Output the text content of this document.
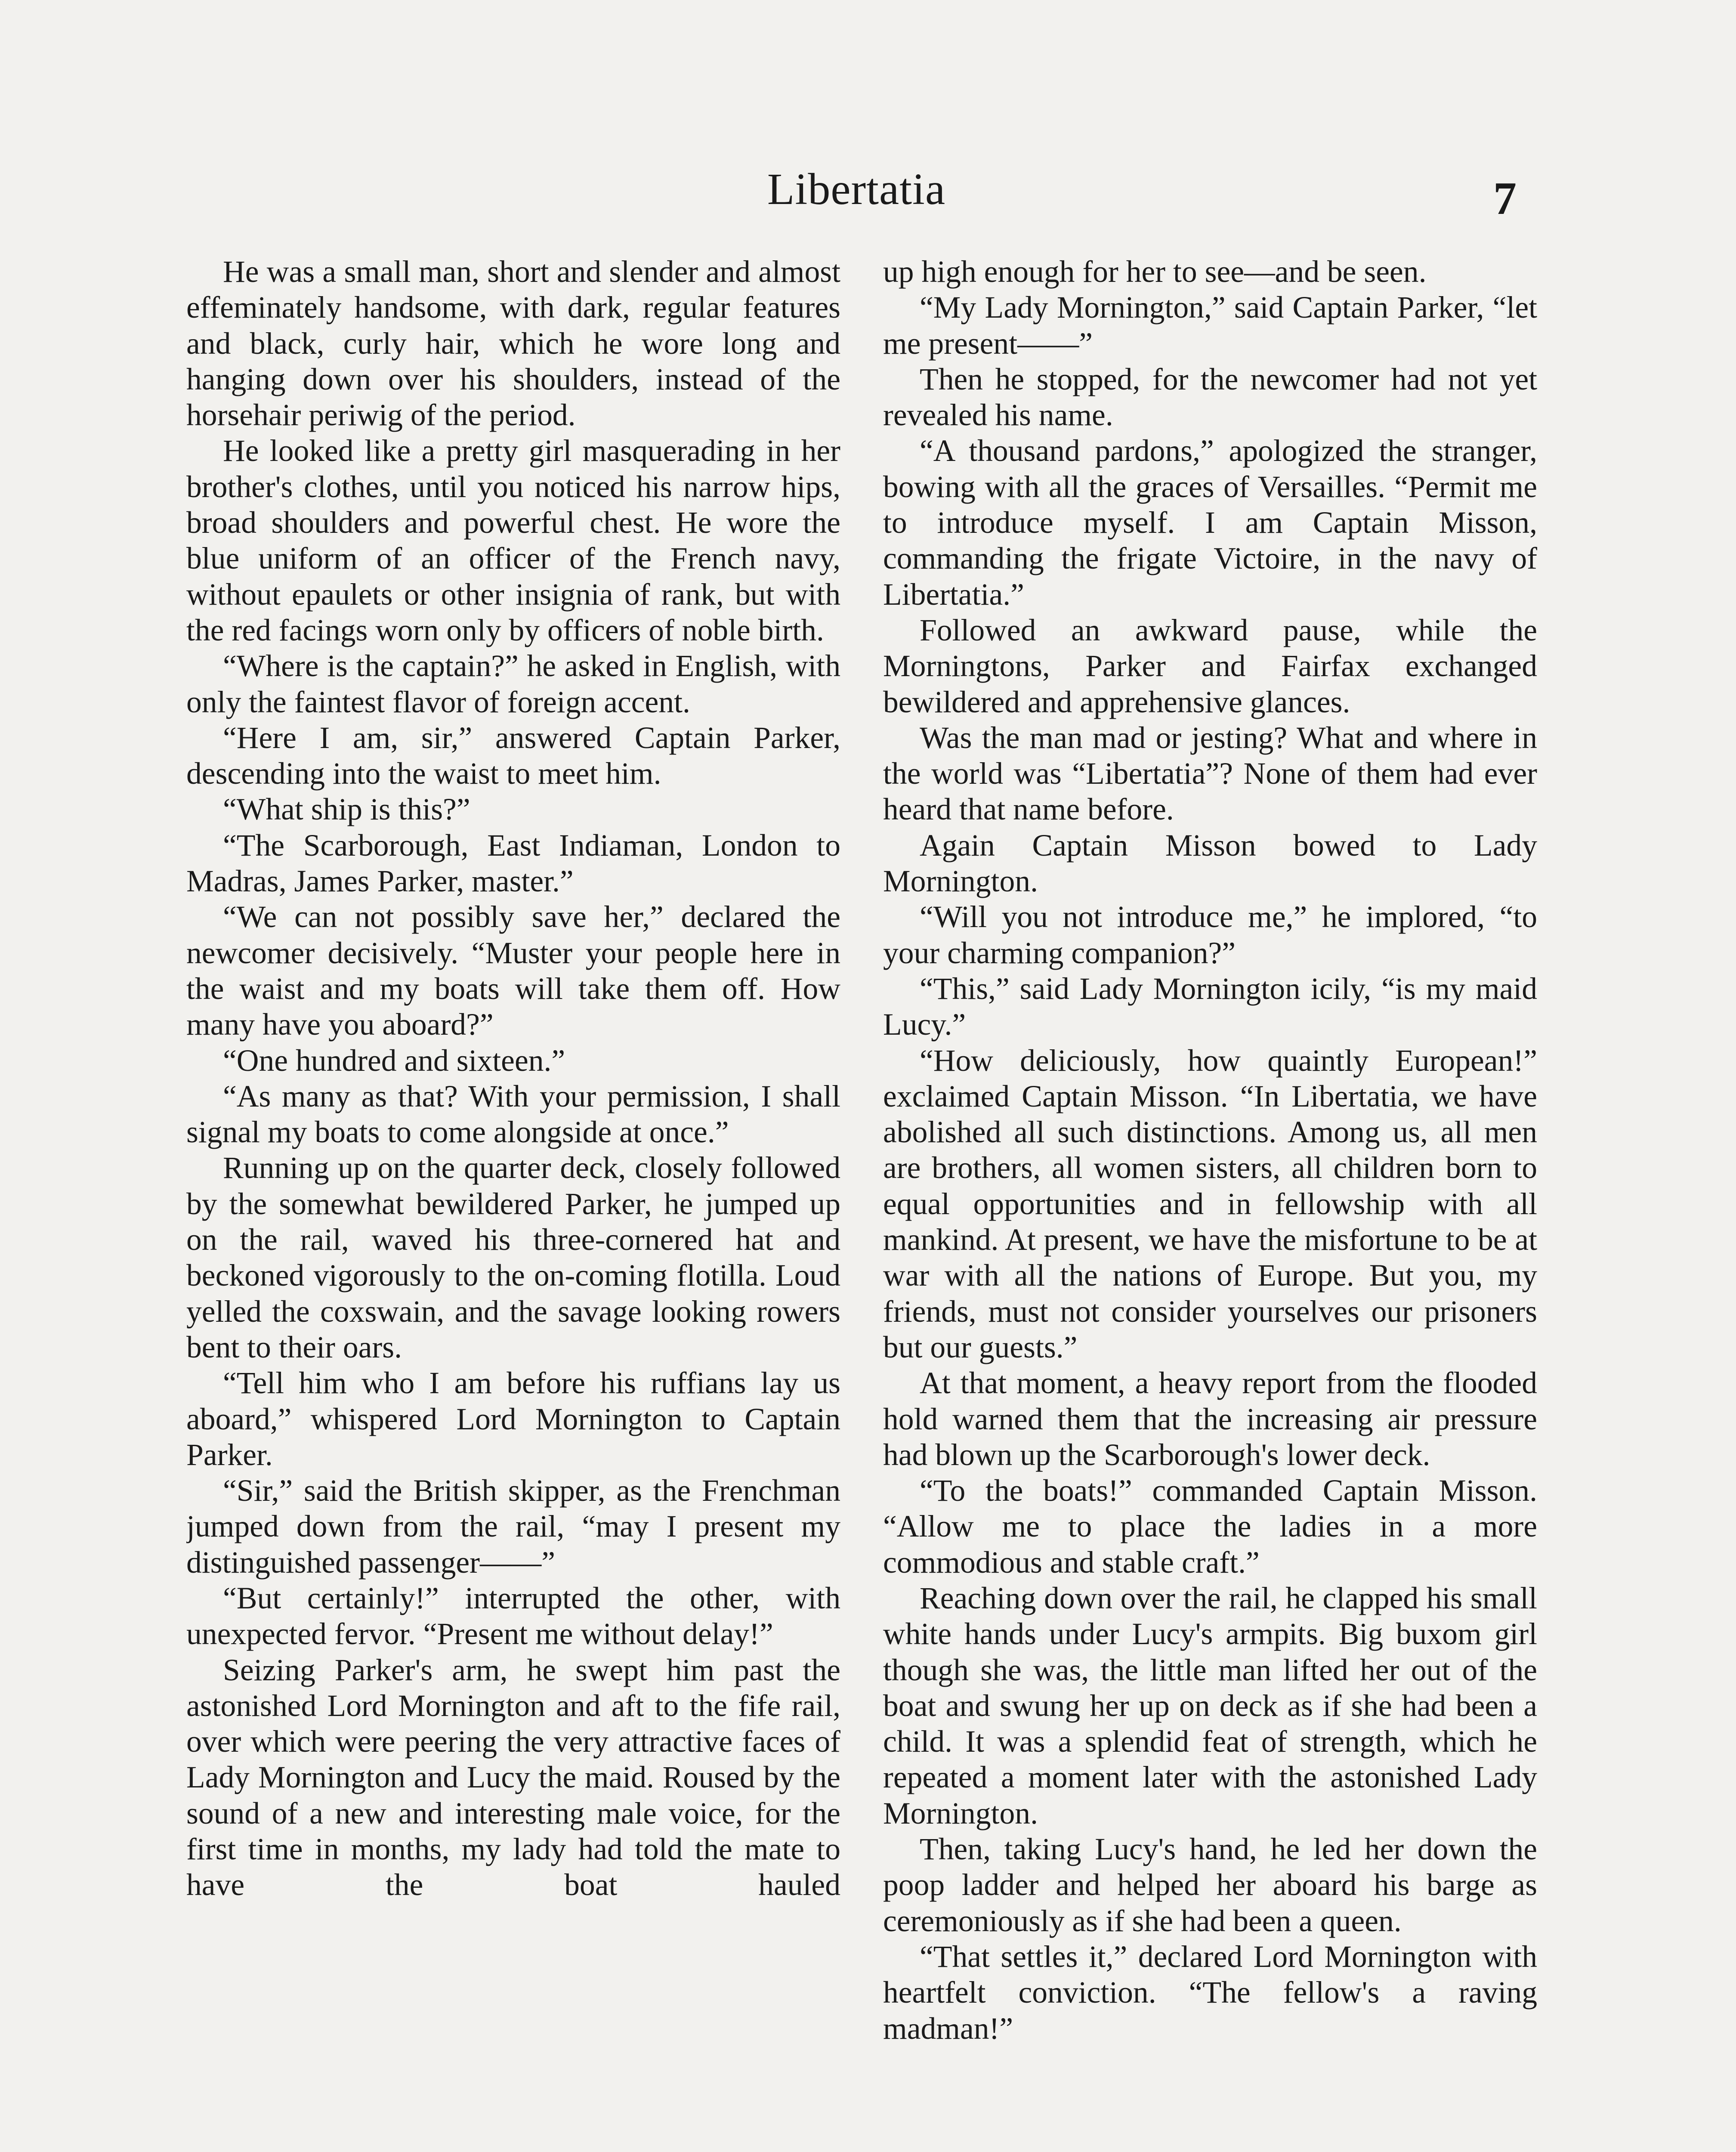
Libertatia	7

He was a small man, short and slender and almost effeminately handsome, with dark, regular features and black, curly hair, which he wore long and hanging down over his shoulders, instead of the horsehair periwig of the period.

He looked like a pretty girl masquerading in her brother's clothes, until you noticed his narrow hips, broad shoulders and powerful chest. He wore the blue uniform of an officer of the French navy, without epaulets or other insignia of rank, but with the red facings worn only by officers of noble birth.

“Where is the captain?” he asked in English, with only the faintest flavor of foreign accent.

“Here I am, sir,” answered Captain Parker, descending into the waist to meet him.

“What ship is this?”

“The Scarborough, East Indiaman, London to Madras, James Parker, master.”

“We can not possibly save her,” declared the newcomer decisively. “Muster your people here in the waist and my boats will take them off. How many have you aboard?”

“One hundred and sixteen.”

“As many as that? With your permission, I shall signal my boats to come alongside at once.”

Running up on the quarter deck, closely followed by the somewhat bewildered Parker, he jumped up on the rail, waved his three-cornered hat and beckoned vigorously to the on-coming flotilla. Loud yelled the coxswain, and the savage looking rowers bent to their oars.

“Tell him who I am before his ruffians lay us aboard,” whispered Lord Mornington to Captain Parker.

“Sir,” said the British skipper, as the Frenchman jumped down from the rail, “may I present my distinguished passenger——”

“But certainly!” interrupted the other, with unexpected fervor. “Present me without delay!”

Seizing Parker's arm, he swept him past the astonished Lord Mornington and aft to the fife rail, over which were peering the very attractive faces of Lady Mornington and Lucy the maid. Roused by the sound of a new and interesting male voice, for the first time in months, my lady had told the mate to have the boat hauled

up high enough for her to see—and be seen.

“My Lady Mornington,” said Captain Parker, “let me present——”

Then he stopped, for the newcomer had not yet revealed his name.

“A thousand pardons,” apologized the stranger, bowing with all the graces of Versailles. “Permit me to introduce myself. I am Captain Misson, commanding the frigate Victoire, in the navy of Libertatia.”

Followed an awkward pause, while the Morningtons, Parker and Fairfax exchanged bewildered and apprehensive glances.

Was the man mad or jesting? What and where in the world was “Libertatia”? None of them had ever heard that name before.

Again Captain Misson bowed to Lady Mornington.

“Will you not introduce me,” he implored, “to your charming companion?”

“This,” said Lady Mornington icily, “is my maid Lucy.”

“How deliciously, how quaintly European!” exclaimed Captain Misson. “In Libertatia, we have abolished all such distinctions. Among us, all men are brothers, all women sisters, all children born to equal opportunities and in fellowship with all mankind. At present, we have the misfortune to be at war with all the nations of Europe. But you, my friends, must not consider yourselves our prisoners but our guests.”

At that moment, a heavy report from the flooded hold warned them that the increasing air pressure had blown up the Scarborough's lower deck.

“To the boats!” commanded Captain Misson. “Allow me to place the ladies in a more commodious and stable craft.”

Reaching down over the rail, he clapped his small white hands under Lucy's armpits. Big buxom girl though she was, the little man lifted her out of the boat and swung her up on deck as if she had been a child. It was a splendid feat of strength, which he repeated a moment later with the astonished Lady Mornington.

Then, taking Lucy's hand, he led her down the poop ladder and helped her aboard his barge as ceremoniously as if she had been a queen.

“That settles it,” declared Lord Mornington with heartfelt conviction. “The fellow's a raving madman!”
